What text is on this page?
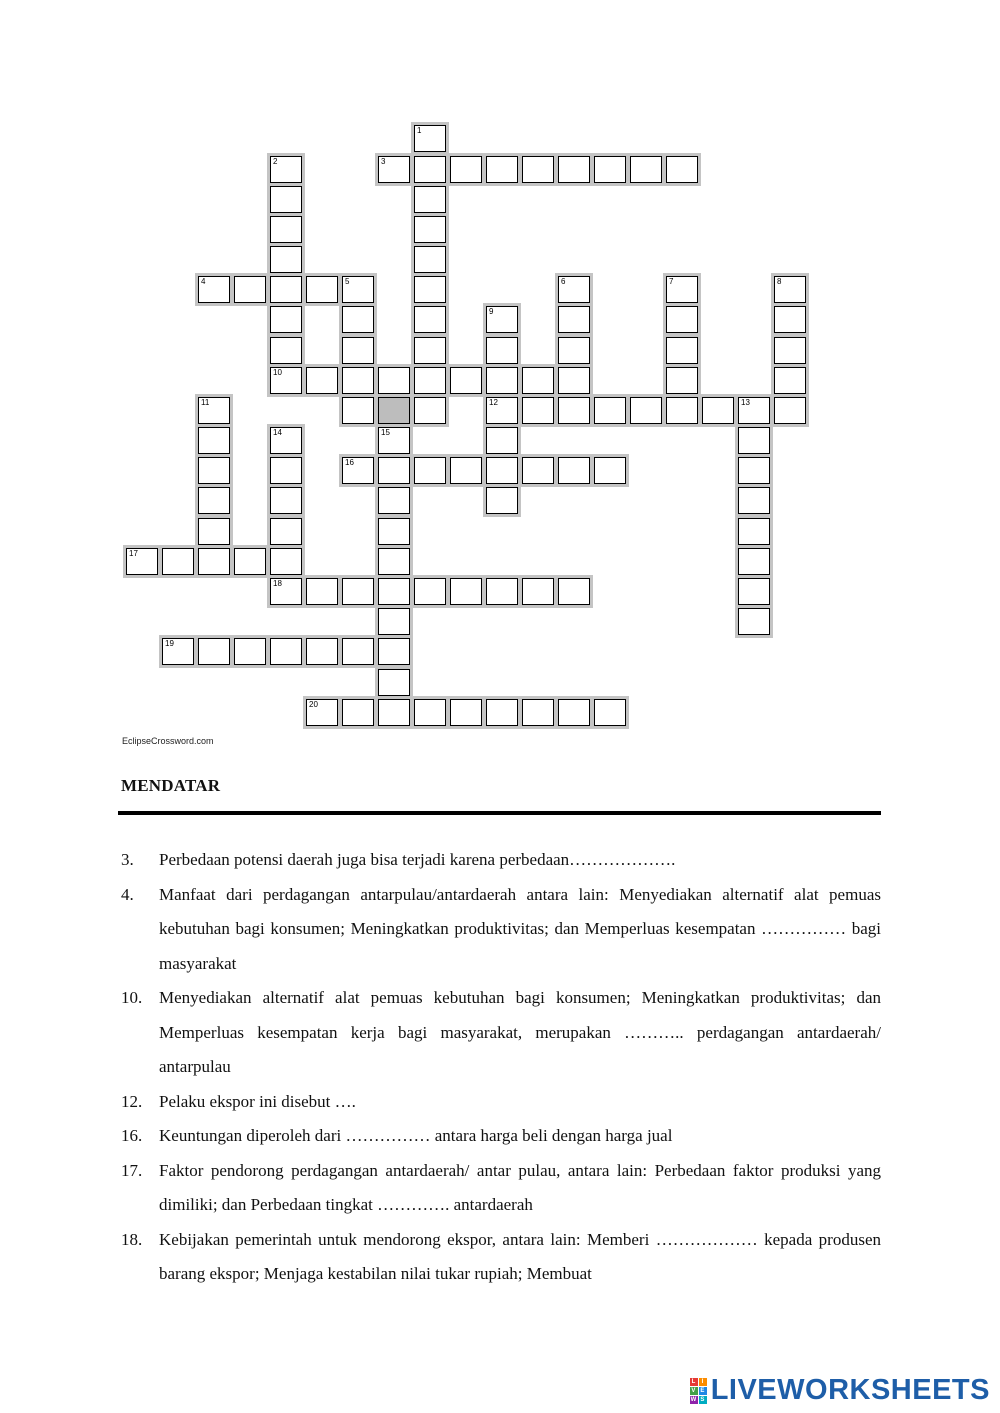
1
2	3
4	5	6	7	8
9
12
10
11	13
14
18
15
16
17
19
20
EclipseCrossword.com
MENDATAR
3.	Perbedaan potensi daerah juga bisa terjadi karena perbedaan……………….
4.	Manfaat dari perdagangan antarpulau/antardaerah antara lain: Menyediakan alternatif alat pemuas kebutuhan bagi konsumen; Meningkatkan produktivitas; dan Memperluas kesempatan …………… bagi masyarakat
10. Menyediakan alternatif alat pemuas kebutuhan bagi konsumen; Meningkatkan produktivitas; dan Memperluas kesempatan kerja bagi masyarakat, merupakan ……….. perdagangan antardaerah/ antarpulau
12. Pelaku ekspor ini disebut ….
16. Keuntungan diperoleh dari …………… antara harga beli dengan harga jual
17. Faktor pendorong perdagangan antardaerah/ antar pulau, antara lain: Perbedaan faktor produksi yang dimiliki; dan Perbedaan tingkat …………. antardaerah
18. Kebijakan pemerintah untuk mendorong ekspor, antara lain: Memberi ……………… kepada produsen barang ekspor; Menjaga kestabilan nilai tukar rupiah; Membuat
L I
V E
W S LIVEWORKSHEETS
